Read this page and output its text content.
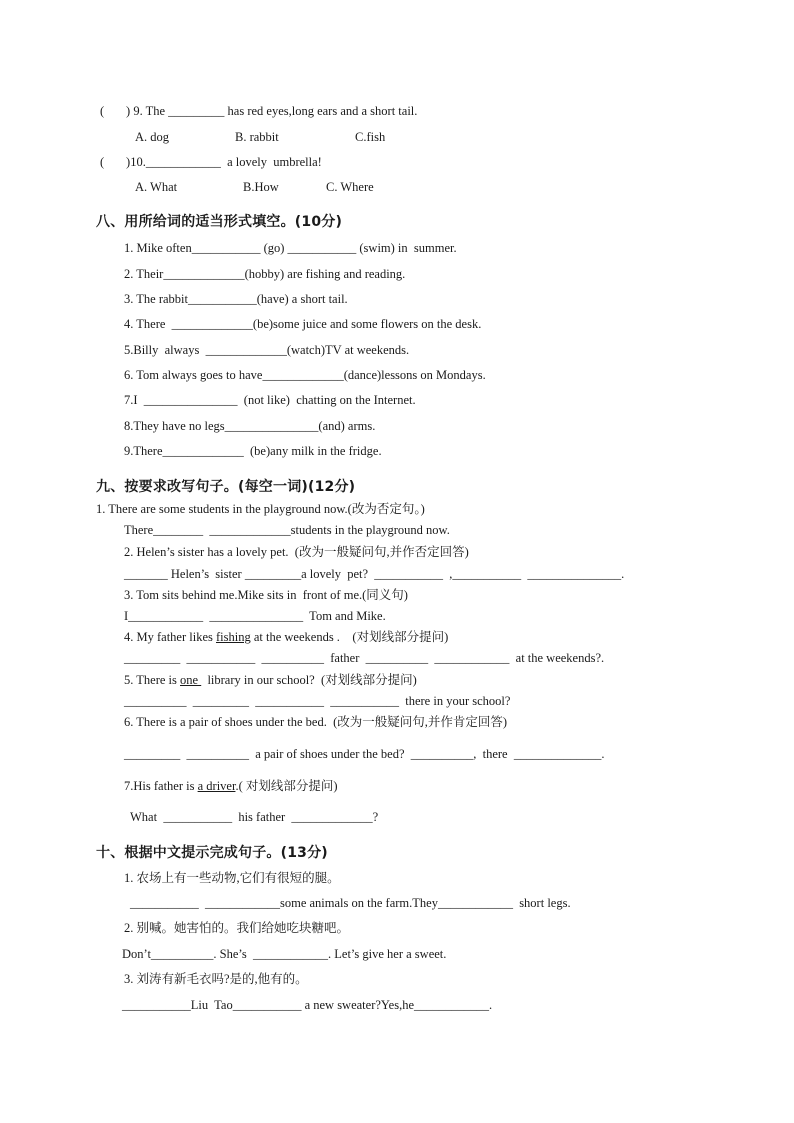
(       ) 9. The _________ has red eyes,long ears and a short tail.
A. dog	B. rabbit	C.fish
(       )10.____________  a lovely  umbrella!
A. What	B.How	C. Where
八、用所给词的适当形式填空。(10分)
1. Mike often___________ (go) ___________ (swim) in  summer.
2. Their_____________(hobby) are fishing and reading.
3. The rabbit___________(have) a short tail.
4. There  _____________(be)some juice and some flowers on the desk.
5.Billy  always  _____________(watch)TV at weekends.
6. Tom always goes to have_____________(dance)lessons on Mondays.
7.I  _______________  (not like)  chatting on the Internet.
8.They have no legs_______________(and) arms.
9.There_____________  (be)any milk in the fridge.
九、按要求改写句子。(每空一词)(12分)
1. There are some students in the playground now.(改为否定句。)
There________  _____________students in the playground now.
2. Helen’s sister has a lovely pet.  (改为一般疑问句,并作否定回答)
_______ Helen’s  sister _________a lovely  pet?  ___________  ,___________  _______________.
3. Tom sits behind me.Mike sits in  front of me.(同义句)
I____________  _______________  Tom and Mike.
4. My father likes fishing at the weekends .    (对划线部分提问)
_________  ___________  __________  father  __________  ____________  at the weekends?.
5. There is one   library in our school?  (对划线部分提问)
__________  _________  ___________  ___________  there in your school?
6. There is a pair of shoes under the bed.  (改为一般疑问句,并作肯定回答)
_________  __________  a pair of shoes under the bed?  __________,  there  ______________.
7.His father is a driver.( 对划线部分提问)
What  ___________  his father  _____________?
十、根据中文提示完成句子。(13分)
1. 农场上有一些动物,它们有很短的腿。
___________  ____________some animals on the farm.They____________  short legs.
2. 别喊。她害怕的。我们给她吃块糖吧。
Don’t__________. She’s  ____________. Let’s give her a sweet.
3. 刘涛有新毛衣吗?是的,他有的。
___________Liu  Tao___________ a new sweater?Yes,he____________.
